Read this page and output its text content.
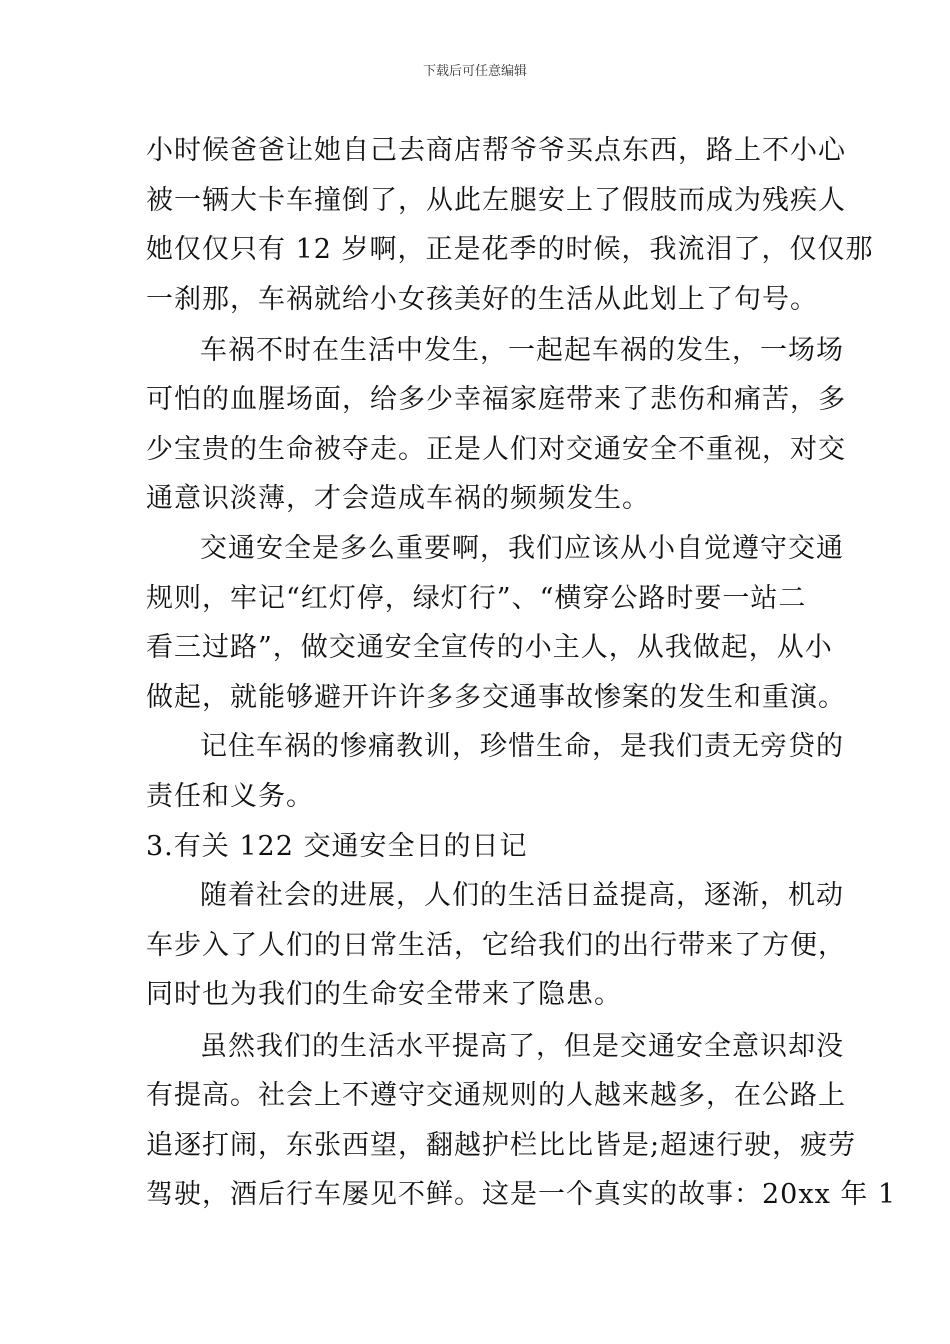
下载后可任意编辑
小时候爸爸让她自己去商店帮爷爷买点东西，路上不小心
被一辆大卡车撞倒了，从此左腿安上了假肢而成为残疾人
她仅仅只有 12 岁啊，正是花季的时候，我流泪了，仅仅那
一刹那，车祸就给小女孩美好的生活从此划上了句号。
车祸不时在生活中发生，一起起车祸的发生，一场场
可怕的血腥场面，给多少幸福家庭带来了悲伤和痛苦，多
少宝贵的生命被夺走。正是人们对交通安全不重视，对交
通意识淡薄，才会造成车祸的频频发生。
交通安全是多么重要啊，我们应该从小自觉遵守交通
规则，牢记“红灯停，绿灯行”、“横穿公路时要一站二
看三过路”，做交通安全宣传的小主人，从我做起，从小
做起，就能够避开许许多多交通事故惨案的发生和重演。
记住车祸的惨痛教训，珍惜生命，是我们责无旁贷的
责任和义务。
3.有关 122 交通安全日的日记
随着社会的进展，人们的生活日益提高，逐渐，机动
车步入了人们的日常生活，它给我们的出行带来了方便，
同时也为我们的生命安全带来了隐患。
虽然我们的生活水平提高了，但是交通安全意识却没
有提高。社会上不遵守交通规则的人越来越多，在公路上
追逐打闹，东张西望，翻越护栏比比皆是;超速行驶，疲劳
驾驶，酒后行车屡见不鲜。这是一个真实的故事：20xx 年 1
